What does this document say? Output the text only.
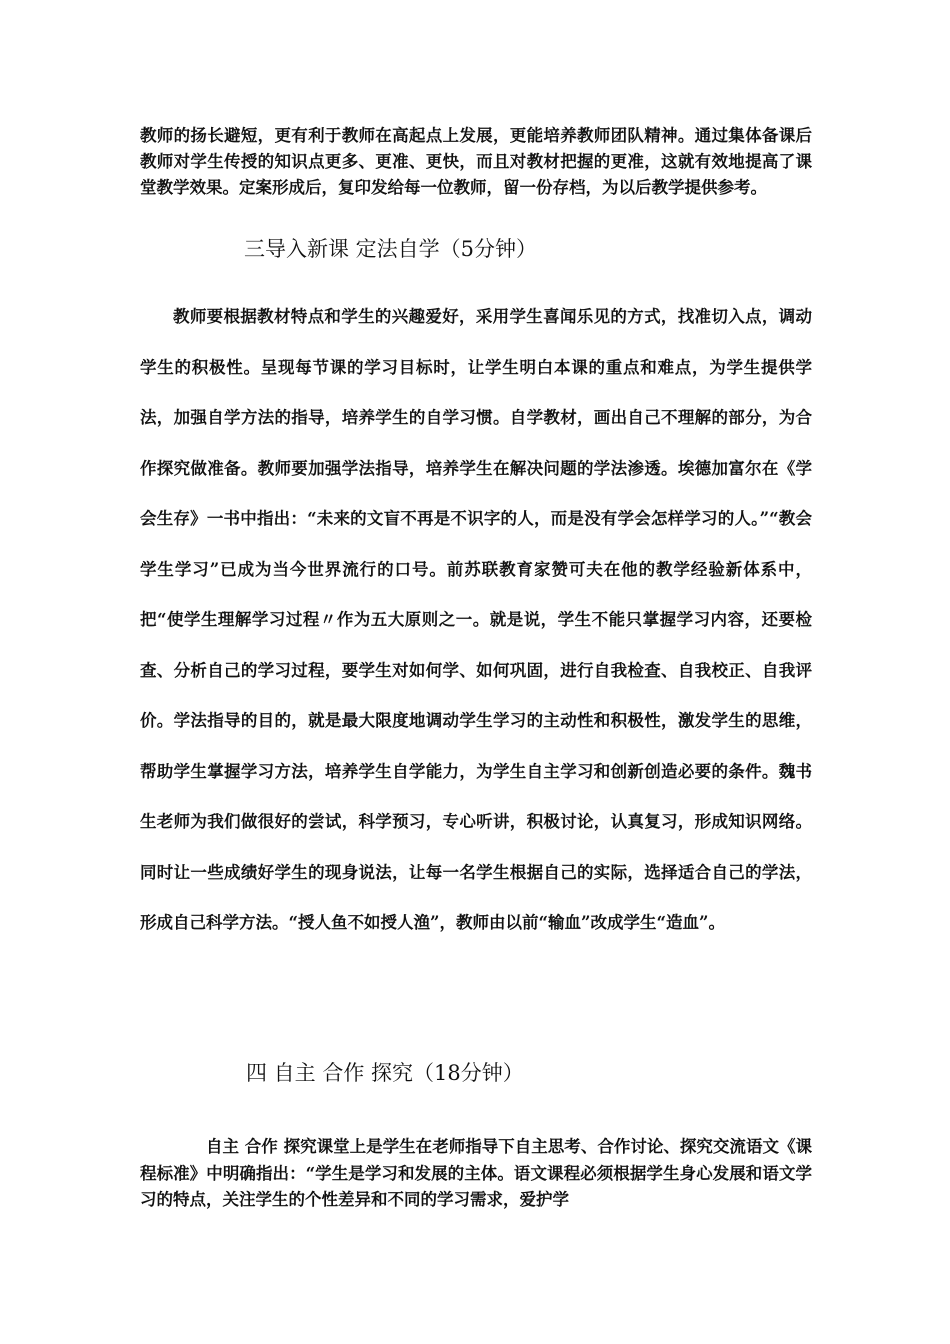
教师的扬长避短，更有利于教师在高起点上发展，更能培养教师团队精神。通过集体备课后教师对学生传授的知识点更多、更准、更快，而且对教材把握的更准，这就有效地提高了课堂教学效果。定案形成后，复印发给每一位教师，留一份存档，为以后教学提供参考。

三导入新课 定法自学（5分钟）

教师要根据教材特点和学生的兴趣爱好，采用学生喜闻乐见的方式，找准切入点，调动学生的积极性。呈现每节课的学习目标时，让学生明白本课的重点和难点，为学生提供学法，加强自学方法的指导，培养学生的自学习惯。自学教材，画出自己不理解的部分，为合作探究做准备。教师要加强学法指导，培养学生在解决问题的学法渗透。埃德加富尔在《学会生存》一书中指出：“未来的文盲不再是不识字的人，而是没有学会怎样学习的人。”“教会学生学习”已成为当今世界流行的口号。前苏联教育家赞可夫在他的教学经验新体系中，把“使学生理解学习过程〃作为五大原则之一。就是说，学生不能只掌握学习内容，还要检查、分析自己的学习过程，要学生对如何学、如何巩固，进行自我检查、自我校正、自我评价。学法指导的目的，就是最大限度地调动学生学习的主动性和积极性，激发学生的思维，帮助学生掌握学习方法，培养学生自学能力，为学生自主学习和创新创造必要的条件。魏书生老师为我们做很好的尝试，科学预习，专心听讲，积极讨论，认真复习，形成知识网络。同时让一些成绩好学生的现身说法，让每一名学生根据自己的实际，选择适合自己的学法，形成自己科学方法。“授人鱼不如授人渔”，教师由以前“输血”改成学生“造血”。

四 自主 合作 探究（18分钟）

自主 合作 探究课堂上是学生在老师指导下自主思考、合作讨论、探究交流语文《课程标准》中明确指出：“学生是学习和发展的主体。语文课程必须根据学生身心发展和语文学习的特点，关注学生的个性差异和不同的学习需求，爱护学
